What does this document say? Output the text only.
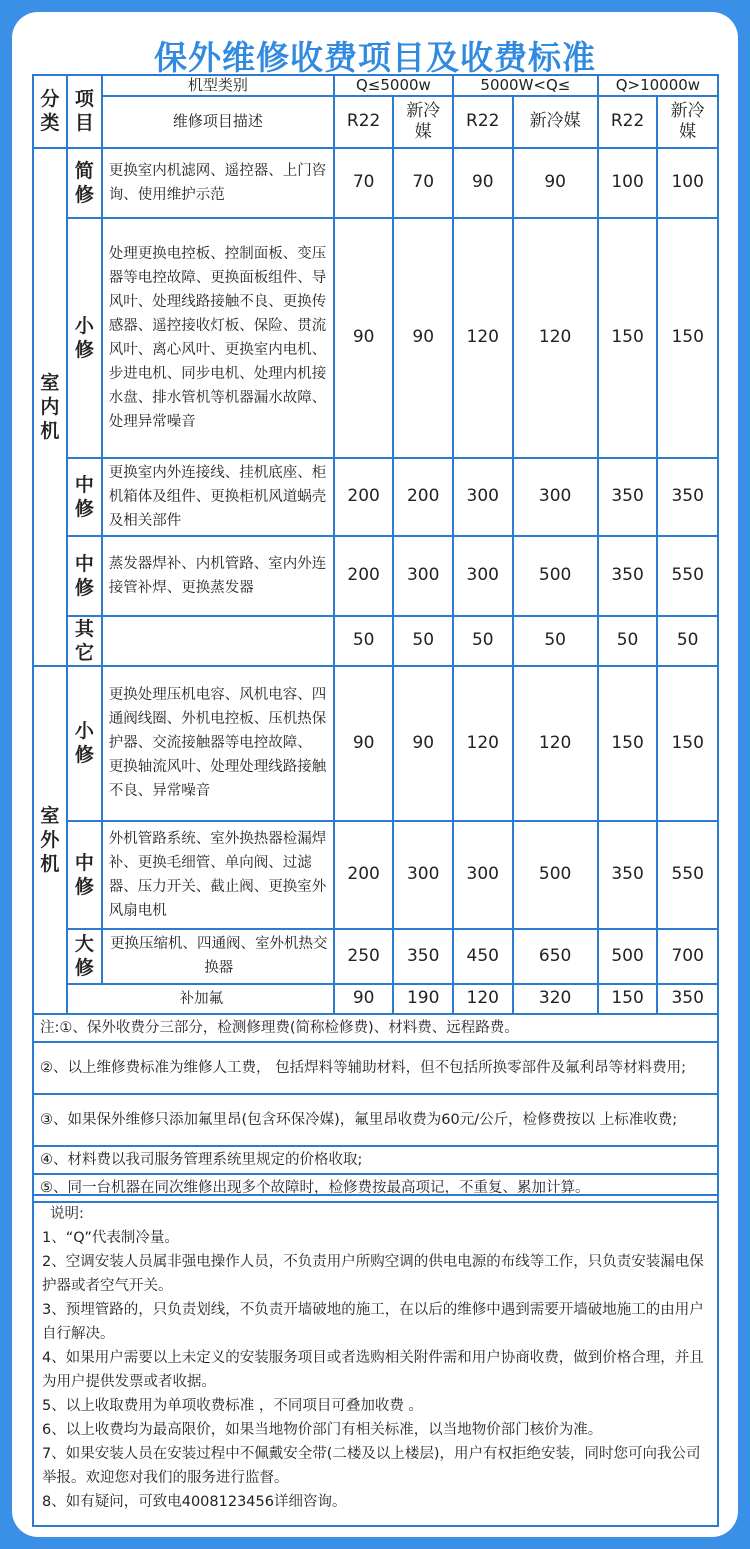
保外维修收费项目及收费标准
分类	项目	机型类别	Q≤5000w		5000W<Q≤		Q>10000w	
		维修项目描述	R22	新冷媒	R22	新冷媒	R22	新冷媒
室内机	简修	更换室内机滤网、遥控器、上门咨询、使用维护示范	70	70	90	90	100	100
	小修	处理更换电控板、控制面板、变压器等电控故障、更换面板组件、导风叶、处理线路接触不良、更换传感器、遥控接收灯板、保险、贯流风叶、离心风叶、更换室内电机、步进电机、同步电机、处理内机接水盘、排水管机等机器漏水故障、处理异常噪音	90	90	120	120	150	150
	中修	更换室内外连接线、挂机底座、柜机箱体及组件、更换柜机风道蜗壳及相关部件	200	200	300	300	350	350
	中修	蒸发器焊补、内机管路、室内外连接管补焊、更换蒸发器	200	300	300	500	350	550
	其它		50	50	50	50	50	50
室外机	小修	更换处理压机电容、风机电容、四通阀线圈、外机电控板、压机热保护器、交流接触器等电控故障、 更换轴流风叶、处理处理线路接触不良、异常噪音	90	90	120	120	150	150
	中修	外机管路系统、室外换热器检漏焊补、更换毛细管、单向阀、过滤器、压力开关、截止阀、更换室外风扇电机	200	300	300	500	350	550
	大修	更换压缩机、四通阀、室外机热交换器	250	350	450	650	500	700
	补加氟		90	190	120	320	150	350
注:①、保外收费分三部分，检测修理费(简称检修费)、材料费、远程路费。								
②、以上维修费标准为维修人工费， 包括焊料等辅助材料，但不包括所换零部件及氟利昂等材料费用;								
③、如果保外维修只添加氟里昂(包含环保冷媒)，氟里昂收费为60元/公斤，检修费按以 上标准收费;								
④、材料费以我司服务管理系统里规定的价格收取;								
⑤、同一台机器在同次维修出现多个故障时，检修费按最高项记，不重复、累加计算。								
说明:
1、“Q”代表制冷量。
2、空调安装人员属非强电操作人员，不负责用户所购空调的供电电源的布线等工作，只负责安装漏电保护器或者空气开关。
3、预埋管路的，只负责划线，不负责开墙破地的施工，在以后的维修中遇到需要开墙破地施工的由用户自行解决。
4、如果用户需要以上未定义的安装服务项目或者选购相关附件需和用户协商收费，做到价格合理，并且为用户提供发票或者收据。
5、以上收取费用为单项收费标准 ，不同项目可叠加收费 。
6、以上收费均为最高限价，如果当地物价部门有相关标准，以当地物价部门核价为准。
7、如果安装人员在安装过程中不佩戴安全带(二楼及以上楼层)，用户有权拒绝安装，同时您可向我公司举报。欢迎您对我们的服务进行监督。
8、如有疑问，可致电4008123456详细咨询。
